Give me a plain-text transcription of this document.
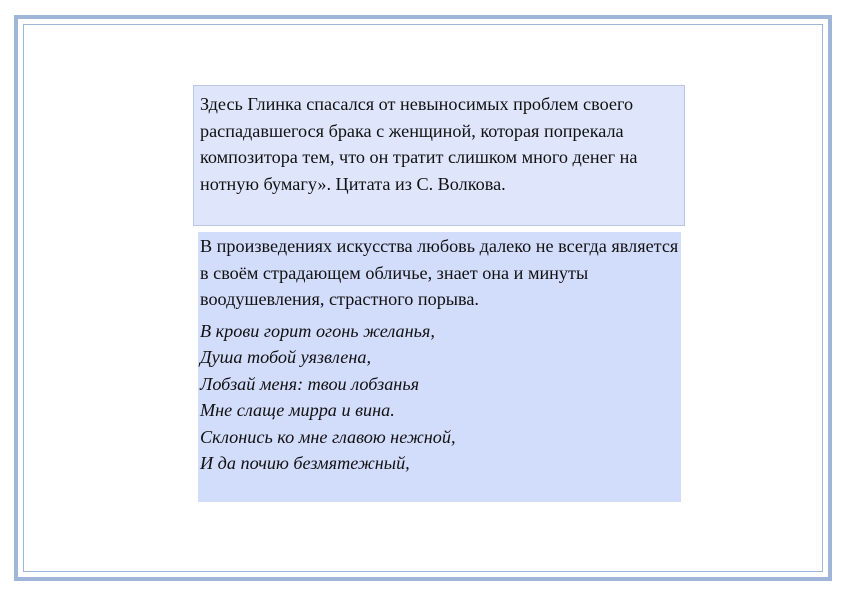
Здесь Глинка спасался от невыносимых проблем своего распадавшегося брака с женщиной, которая попрекала композитора тем, что он тратит слишком много денег на нотную бумагу». Цитата из С. Волкова.

В произведениях искусства любовь далеко не всегда является в своём страдающем обличье, знает она и минуты воодушевления, страстного порыва.

В крови горит огонь желанья,
Душа тобой уязвлена,
Лобзай меня: твои лобзанья
Мне слаще мирра и вина.
Склонись ко мне главою нежной,
И да почию безмятежный,
